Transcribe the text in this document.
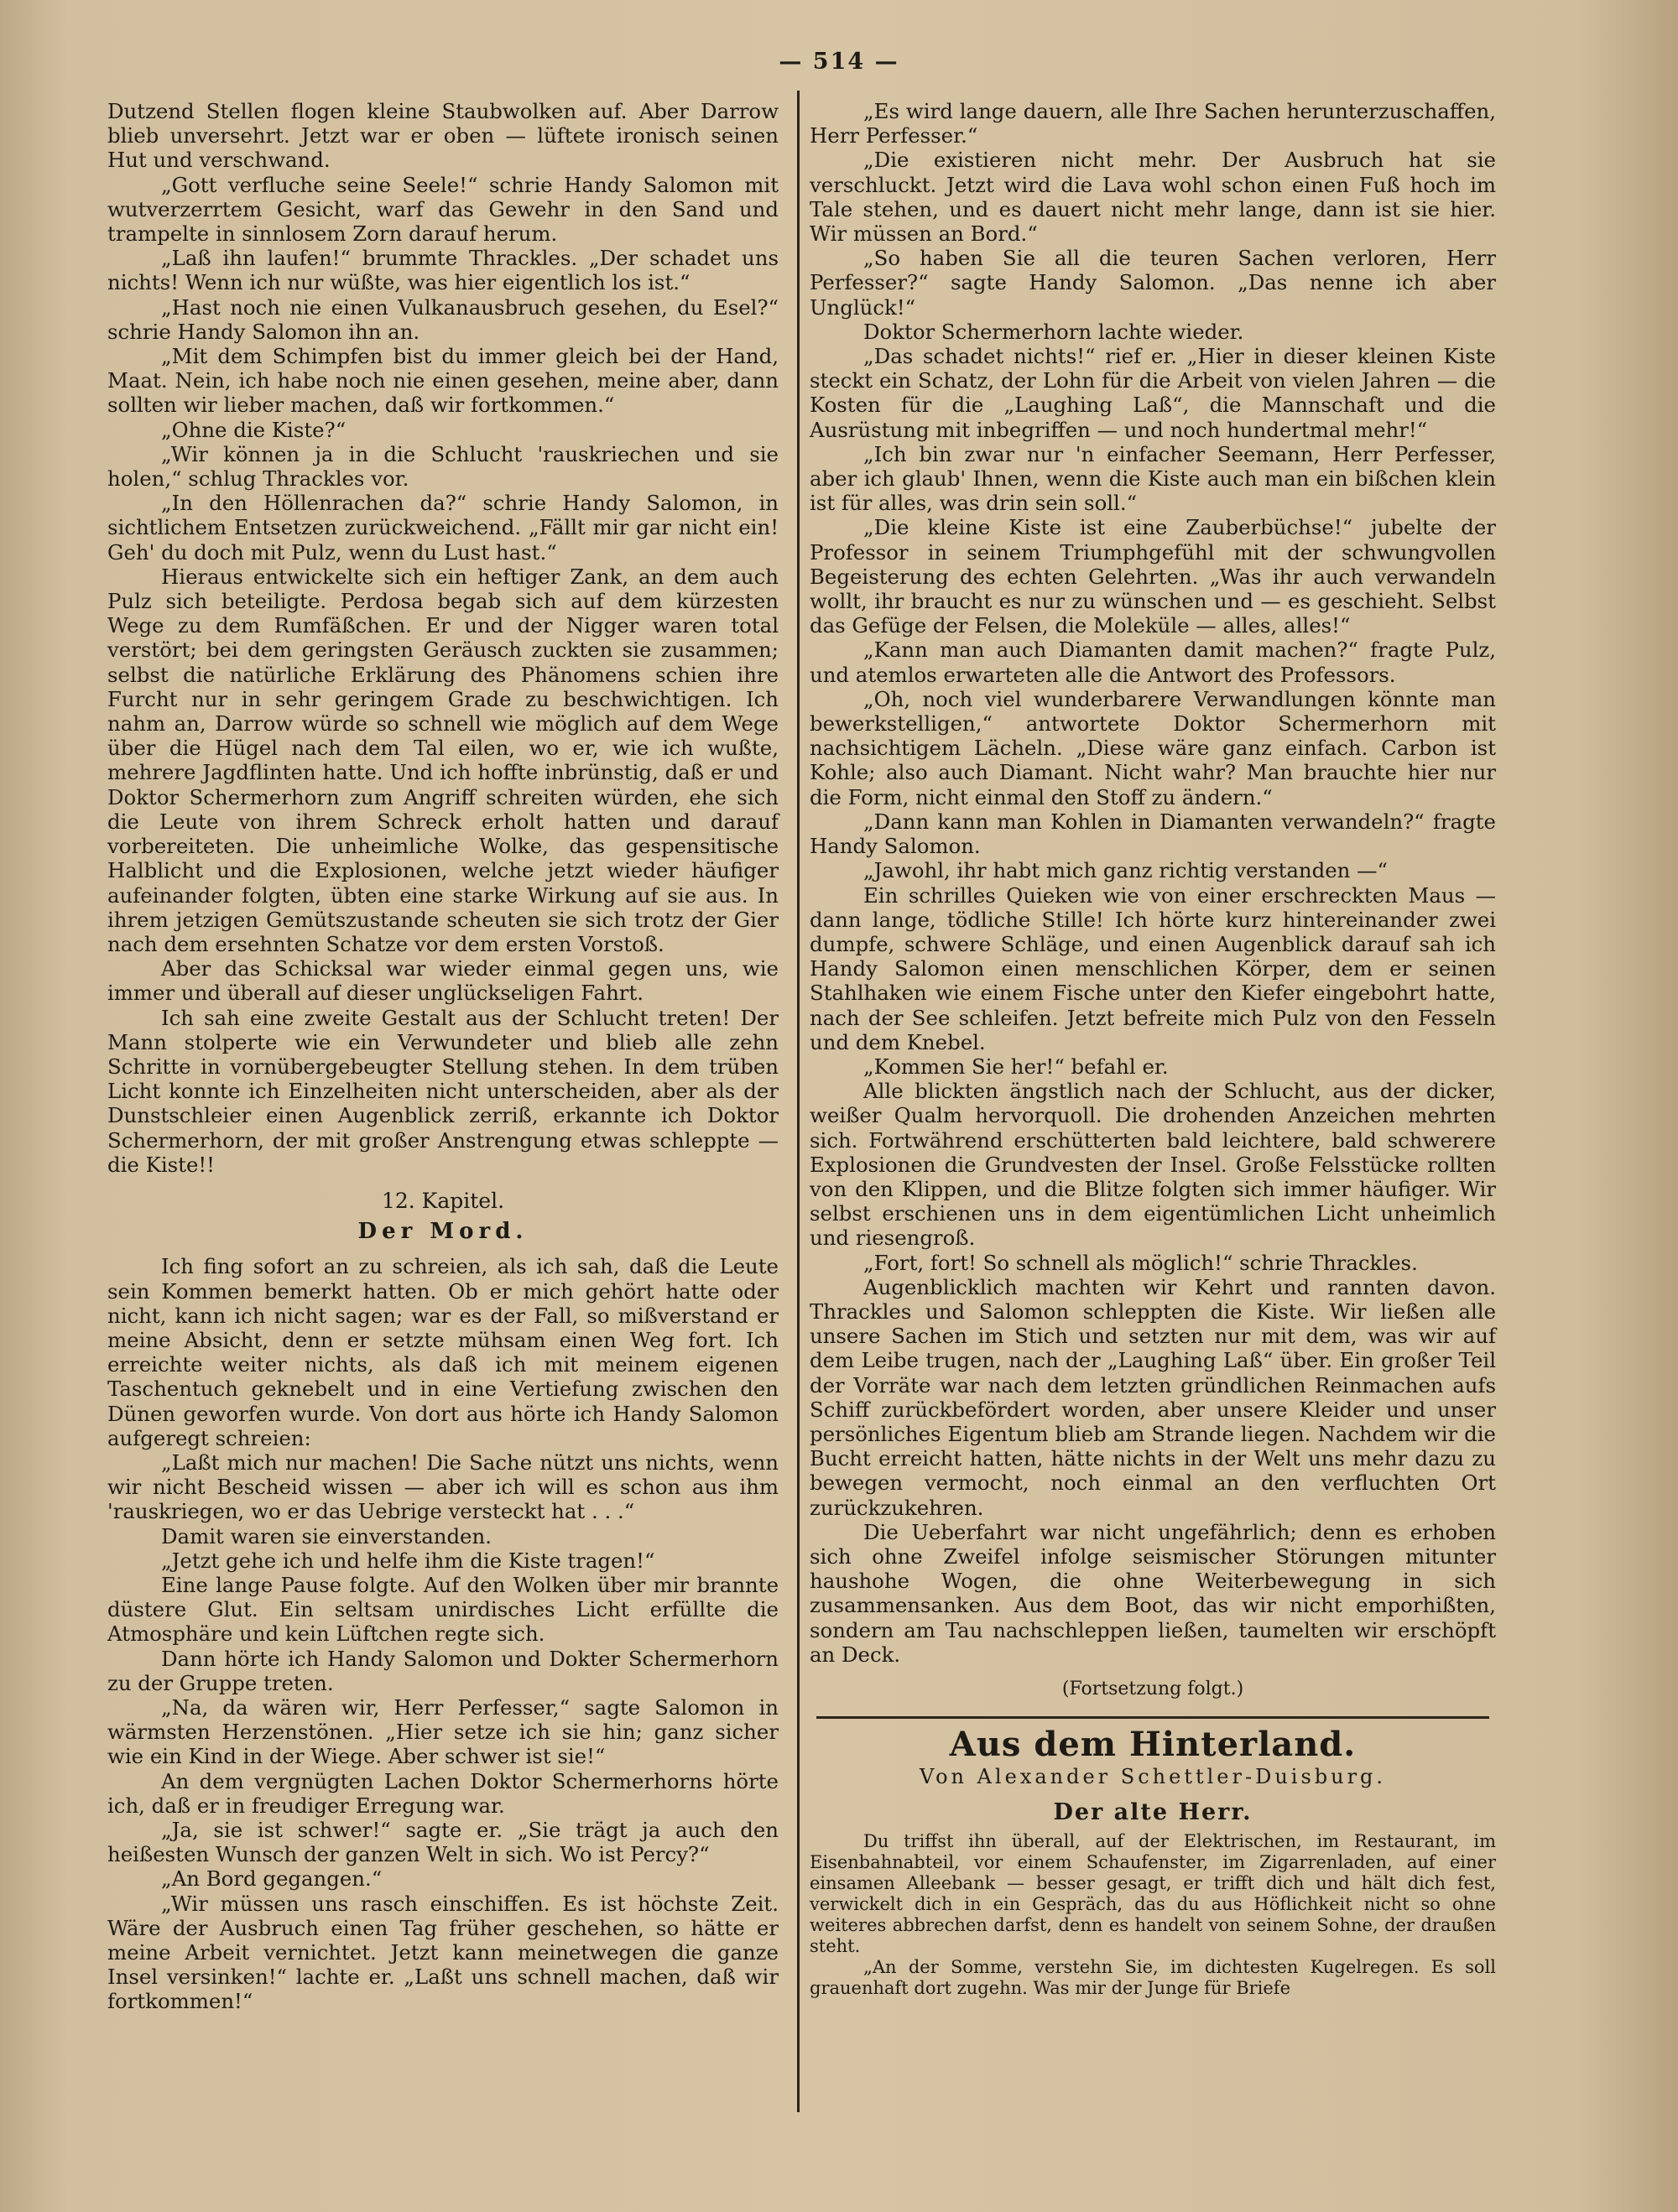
— 514 —

Dutzend Stellen flogen kleine Staubwolken auf. Aber Darrow blieb unversehrt. Jetzt war er oben — lüftete ironisch seinen Hut und verschwand.

„Gott verfluche seine Seele!“ schrie Handy Salomon mit wutverzerrtem Gesicht, warf das Gewehr in den Sand und trampelte in sinnlosem Zorn darauf herum.

„Laß ihn laufen!“ brummte Thrackles. „Der schadet uns nichts! Wenn ich nur wüßte, was hier eigentlich los ist.“

„Hast noch nie einen Vulkanausbruch gesehen, du Esel?“ schrie Handy Salomon ihn an.

„Mit dem Schimpfen bist du immer gleich bei der Hand, Maat. Nein, ich habe noch nie einen gesehen, meine aber, dann sollten wir lieber machen, daß wir fortkommen.“

„Ohne die Kiste?“

„Wir können ja in die Schlucht 'rauskriechen und sie holen,“ schlug Thrackles vor.

„In den Höllenrachen da?“ schrie Handy Salomon, in sichtlichem Entsetzen zurückweichend. „Fällt mir gar nicht ein! Geh' du doch mit Pulz, wenn du Lust hast.“

Hieraus entwickelte sich ein heftiger Zank, an dem auch Pulz sich beteiligte. Perdosa begab sich auf dem kürzesten Wege zu dem Rumfäßchen. Er und der Nigger waren total verstört; bei dem geringsten Geräusch zuckten sie zusammen; selbst die natürliche Erklärung des Phänomens schien ihre Furcht nur in sehr geringem Grade zu beschwichtigen. Ich nahm an, Darrow würde so schnell wie möglich auf dem Wege über die Hügel nach dem Tal eilen, wo er, wie ich wußte, mehrere Jagdflinten hatte. Und ich hoffte inbrünstig, daß er und Doktor Schermerhorn zum Angriff schreiten würden, ehe sich die Leute von ihrem Schreck erholt hatten und darauf vorbereiteten. Die unheimliche Wolke, das gespensitische Halblicht und die Explosionen, welche jetzt wieder häufiger aufeinander folgten, übten eine starke Wirkung auf sie aus. In ihrem jetzigen Gemütszustande scheuten sie sich trotz der Gier nach dem ersehnten Schatze vor dem ersten Vorstoß.

Aber das Schicksal war wieder einmal gegen uns, wie immer und überall auf dieser unglückseligen Fahrt.

Ich sah eine zweite Gestalt aus der Schlucht treten! Der Mann stolperte wie ein Verwundeter und blieb alle zehn Schritte in vornübergebeugter Stellung stehen. In dem trüben Licht konnte ich Einzelheiten nicht unterscheiden, aber als der Dunstschleier einen Augenblick zerriß, erkannte ich Doktor Schermerhorn, der mit großer Anstrengung etwas schleppte — die Kiste!!

12. Kapitel.
Der Mord.

Ich fing sofort an zu schreien, als ich sah, daß die Leute sein Kommen bemerkt hatten. Ob er mich gehört hatte oder nicht, kann ich nicht sagen; war es der Fall, so mißverstand er meine Absicht, denn er setzte mühsam einen Weg fort. Ich erreichte weiter nichts, als daß ich mit meinem eigenen Taschentuch geknebelt und in eine Vertiefung zwischen den Dünen geworfen wurde. Von dort aus hörte ich Handy Salomon aufgeregt schreien:

„Laßt mich nur machen! Die Sache nützt uns nichts, wenn wir nicht Bescheid wissen — aber ich will es schon aus ihm 'rauskriegen, wo er das Uebrige versteckt hat . . .“

Damit waren sie einverstanden.

„Jetzt gehe ich und helfe ihm die Kiste tragen!“

Eine lange Pause folgte. Auf den Wolken über mir brannte düstere Glut. Ein seltsam unirdisches Licht erfüllte die Atmosphäre und kein Lüftchen regte sich.

Dann hörte ich Handy Salomon und Dokter Schermerhorn zu der Gruppe treten.

„Na, da wären wir, Herr Perfesser,“ sagte Salomon in wärmsten Herzenstönen. „Hier setze ich sie hin; ganz sicher wie ein Kind in der Wiege. Aber schwer ist sie!“

An dem vergnügten Lachen Doktor Schermerhorns hörte ich, daß er in freudiger Erregung war.

„Ja, sie ist schwer!“ sagte er. „Sie trägt ja auch den heißesten Wunsch der ganzen Welt in sich. Wo ist Percy?“

„An Bord gegangen.“

„Wir müssen uns rasch einschiffen. Es ist höchste Zeit. Wäre der Ausbruch einen Tag früher geschehen, so hätte er meine Arbeit vernichtet. Jetzt kann meinetwegen die ganze Insel versinken!“ lachte er. „Laßt uns schnell machen, daß wir fortkommen!“

„Es wird lange dauern, alle Ihre Sachen herunterzuschaffen, Herr Perfesser.“

„Die existieren nicht mehr. Der Ausbruch hat sie verschluckt. Jetzt wird die Lava wohl schon einen Fuß hoch im Tale stehen, und es dauert nicht mehr lange, dann ist sie hier. Wir müssen an Bord.“

„So haben Sie all die teuren Sachen verloren, Herr Perfesser?“ sagte Handy Salomon. „Das nenne ich aber Unglück!“

Doktor Schermerhorn lachte wieder.

„Das schadet nichts!“ rief er. „Hier in dieser kleinen Kiste steckt ein Schatz, der Lohn für die Arbeit von vielen Jahren — die Kosten für die „Laughing Laß“, die Mannschaft und die Ausrüstung mit inbegriffen — und noch hundertmal mehr!“

„Ich bin zwar nur 'n einfacher Seemann, Herr Perfesser, aber ich glaub' Ihnen, wenn die Kiste auch man ein bißchen klein ist für alles, was drin sein soll.“

„Die kleine Kiste ist eine Zauberbüchse!“ jubelte der Professor in seinem Triumphgefühl mit der schwungvollen Begeisterung des echten Gelehrten. „Was ihr auch verwandeln wollt, ihr braucht es nur zu wünschen und — es geschieht. Selbst das Gefüge der Felsen, die Moleküle — alles, alles!“

„Kann man auch Diamanten damit machen?“ fragte Pulz, und atemlos erwarteten alle die Antwort des Professors.

„Oh, noch viel wunderbarere Verwandlungen könnte man bewerkstelligen,“ antwortete Doktor Schermerhorn mit nachsichtigem Lächeln. „Diese wäre ganz einfach. Carbon ist Kohle; also auch Diamant. Nicht wahr? Man brauchte hier nur die Form, nicht einmal den Stoff zu ändern.“

„Dann kann man Kohlen in Diamanten verwandeln?“ fragte Handy Salomon.

„Jawohl, ihr habt mich ganz richtig verstanden —“

Ein schrilles Quieken wie von einer erschreckten Maus — dann lange, tödliche Stille! Ich hörte kurz hintereinander zwei dumpfe, schwere Schläge, und einen Augenblick darauf sah ich Handy Salomon einen menschlichen Körper, dem er seinen Stahlhaken wie einem Fische unter den Kiefer eingebohrt hatte, nach der See schleifen. Jetzt befreite mich Pulz von den Fesseln und dem Knebel.

„Kommen Sie her!“ befahl er.

Alle blickten ängstlich nach der Schlucht, aus der dicker, weißer Qualm hervorquoll. Die drohenden Anzeichen mehrten sich. Fortwährend erschütterten bald leichtere, bald schwerere Explosionen die Grundvesten der Insel. Große Felsstücke rollten von den Klippen, und die Blitze folgten sich immer häufiger. Wir selbst erschienen uns in dem eigentümlichen Licht unheimlich und riesengroß.

„Fort, fort! So schnell als möglich!“ schrie Thrackles.

Augenblicklich machten wir Kehrt und rannten davon. Thrackles und Salomon schleppten die Kiste. Wir ließen alle unsere Sachen im Stich und setzten nur mit dem, was wir auf dem Leibe trugen, nach der „Laughing Laß“ über. Ein großer Teil der Vorräte war nach dem letzten gründlichen Reinmachen aufs Schiff zurückbefördert worden, aber unsere Kleider und unser persönliches Eigentum blieb am Strande liegen. Nachdem wir die Bucht erreicht hatten, hätte nichts in der Welt uns mehr dazu zu bewegen vermocht, noch einmal an den verfluchten Ort zurückzukehren.

Die Ueberfahrt war nicht ungefährlich; denn es erhoben sich ohne Zweifel infolge seismischer Störungen mitunter haushohe Wogen, die ohne Weiterbewegung in sich zusammensanken. Aus dem Boot, das wir nicht emporhißten, sondern am Tau nachschleppen ließen, taumelten wir erschöpft an Deck.

(Fortsetzung folgt.)
Aus dem Hinterland.
Von Alexander Schettler-Duisburg.
Der alte Herr.

Du triffst ihn überall, auf der Elektrischen, im Restaurant, im Eisenbahnabteil, vor einem Schaufenster, im Zigarrenladen, auf einer einsamen Alleebank — besser gesagt, er trifft dich und hält dich fest, verwickelt dich in ein Gespräch, das du aus Höflichkeit nicht so ohne weiteres abbrechen darfst, denn es handelt von seinem Sohne, der draußen steht.

„An der Somme, verstehn Sie, im dichtesten Kugelregen. Es soll grauenhaft dort zugehn. Was mir der Junge für Briefe
